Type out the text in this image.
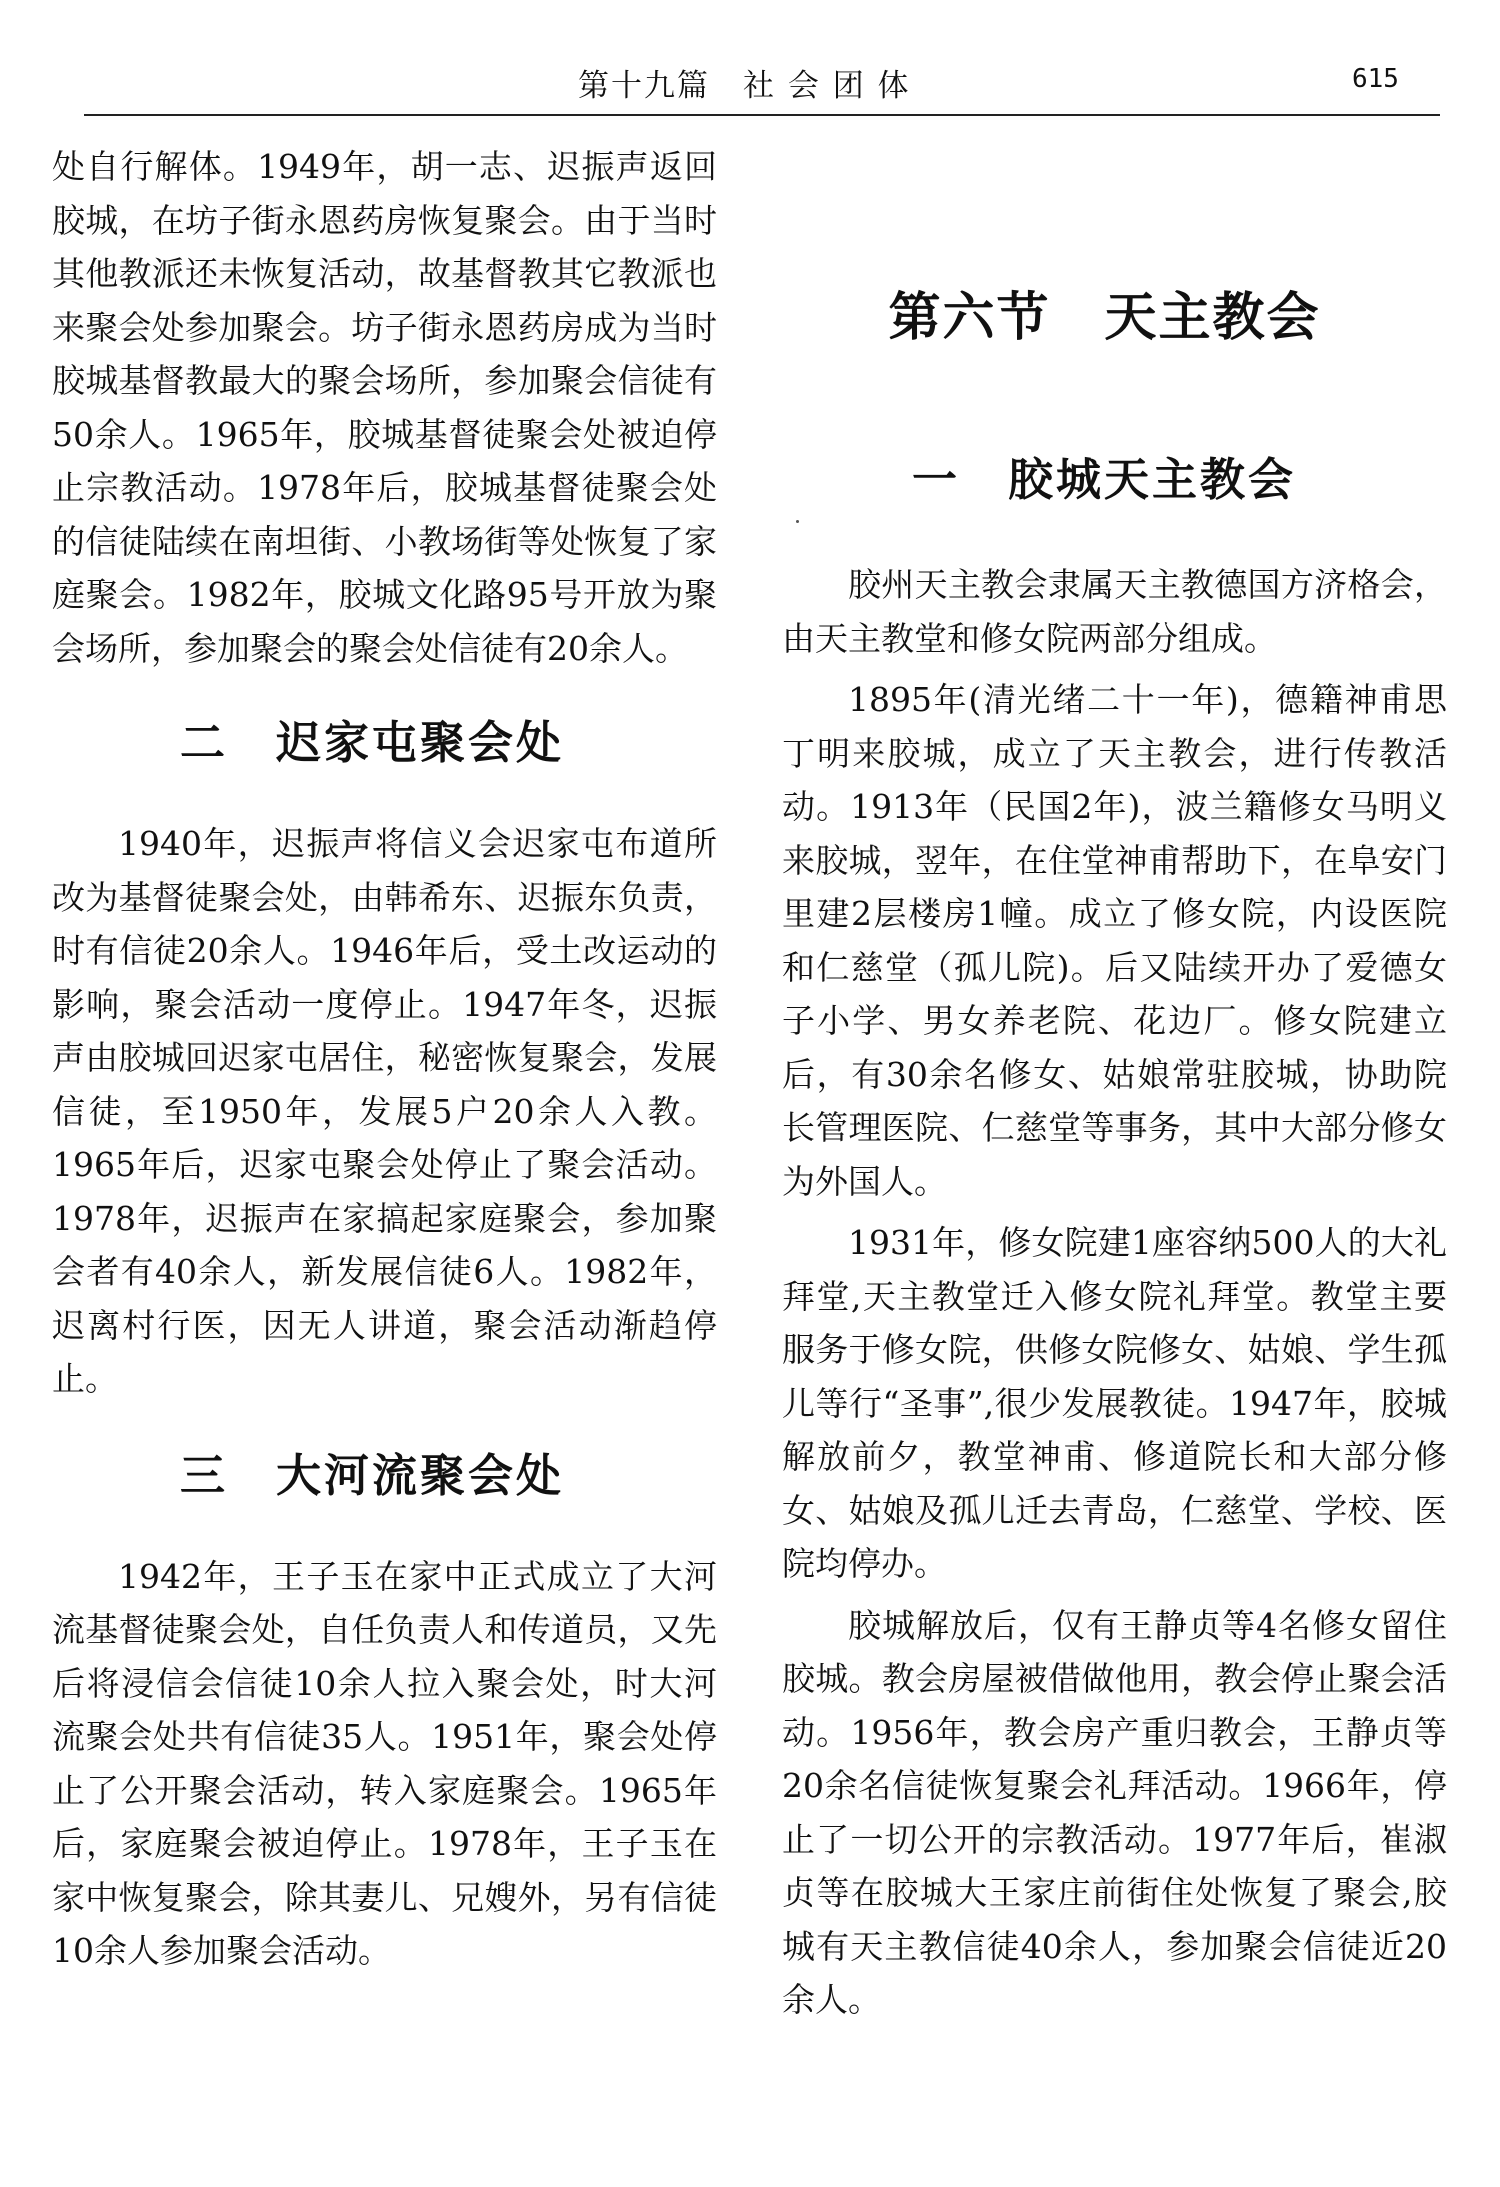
第十九篇　社 会 团 体	615

处自行解体。1949年，胡一志、迟振声返回胶城，在坊子街永恩药房恢复聚会。由于当时其他教派还未恢复活动，故基督教其它教派也来聚会处参加聚会。坊子街永恩药房成为当时胶城基督教最大的聚会场所，参加聚会信徒有50余人。1965年，胶城基督徒聚会处被迫停止宗教活动。1978年后，胶城基督徒聚会处的信徒陆续在南坦街、小教场街等处恢复了家庭聚会。1982年，胶城文化路95号开放为聚会场所，参加聚会的聚会处信徒有20余人。

二　迟家屯聚会处

1940年，迟振声将信义会迟家屯布道所改为基督徒聚会处，由韩希东、迟振东负责，时有信徒20余人。1946年后，受土改运动的影响，聚会活动一度停止。1947年冬，迟振声由胶城回迟家屯居住，秘密恢复聚会，发展信徒，至1950年，发展5户20余人入教。1965年后，迟家屯聚会处停止了聚会活动。1978年，迟振声在家搞起家庭聚会，参加聚会者有40余人，新发展信徒6人。1982年，迟离村行医，因无人讲道，聚会活动渐趋停止。

三　大河流聚会处

1942年，王子玉在家中正式成立了大河流基督徒聚会处，自任负责人和传道员，又先后将浸信会信徒10余人拉入聚会处，时大河流聚会处共有信徒35人。1951年，聚会处停止了公开聚会活动，转入家庭聚会。1965年后，家庭聚会被迫停止。1978年，王子玉在家中恢复聚会，除其妻儿、兄嫂外，另有信徒10余人参加聚会活动。

第六节　天主教会
一　胶城天主教会

胶州天主教会隶属天主教德国方济格会，由天主教堂和修女院两部分组成。

1895年(清光绪二十一年)，德籍神甫思丁明来胶城，成立了天主教会，进行传教活动。1913年（民国2年)，波兰籍修女马明义来胶城，翌年，在住堂神甫帮助下，在阜安门里建2层楼房1幢。成立了修女院，内设医院和仁慈堂（孤儿院)。后又陆续开办了爱德女子小学、男女养老院、花边厂。修女院建立后，有30余名修女、姑娘常驻胶城，协助院长管理医院、仁慈堂等事务，其中大部分修女为外国人。

1931年，修女院建1座容纳500人的大礼拜堂,天主教堂迁入修女院礼拜堂。教堂主要服务于修女院，供修女院修女、姑娘、学生孤儿等行“圣事”,很少发展教徒。1947年，胶城解放前夕，教堂神甫、修道院长和大部分修女、姑娘及孤儿迁去青岛，仁慈堂、学校、医院均停办。

胶城解放后，仅有王静贞等4名修女留住胶城。教会房屋被借做他用，教会停止聚会活动。1956年，教会房产重归教会，王静贞等20余名信徒恢复聚会礼拜活动。1966年，停止了一切公开的宗教活动。1977年后，崔淑贞等在胶城大王家庄前街住处恢复了聚会,胶城有天主教信徒40余人，参加聚会信徒近20余人。
